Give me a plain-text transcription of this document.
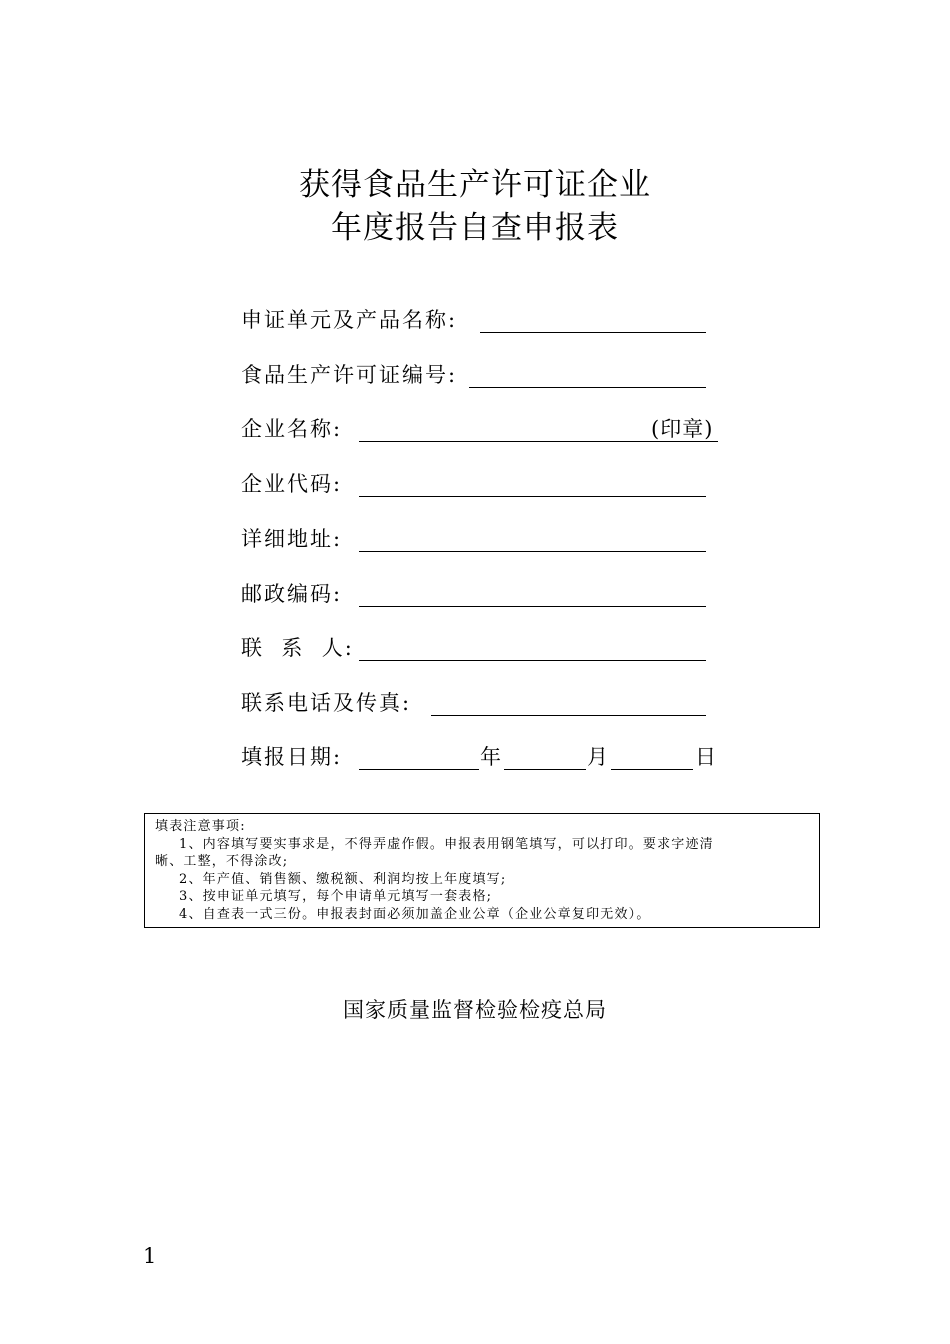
获得食品生产许可证企业
年度报告自查申报表
申证单元及产品名称:
食品生产许可证编号:
企业名称:	(印章)
企业代码:
详细地址:
邮政编码:
联  系  人:
联系电话及传真:
填报日期:	年	月	日
填表注意事项:
1、内容填写要实事求是，不得弄虚作假。申报表用钢笔填写，可以打印。要求字迹清
晰、工整，不得涂改;
2、年产值、销售额、缴税额、利润均按上年度填写;
3、按申证单元填写，每个申请单元填写一套表格;
4、自查表一式三份。申报表封面必须加盖企业公章（企业公章复印无效）。
国家质量监督检验检疫总局
1
